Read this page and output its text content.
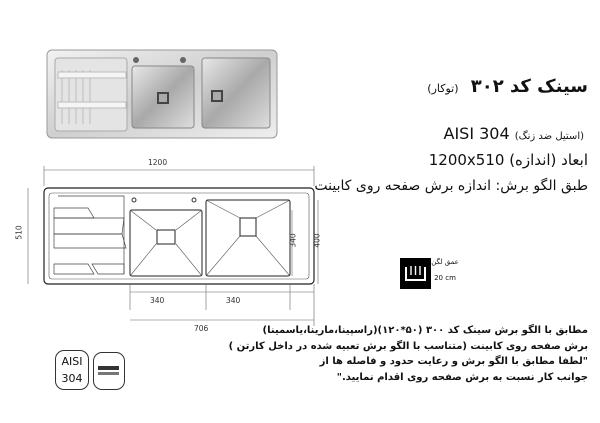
1200
510
340 400
340	340
706
سینک کد ۳۰۲ (توکار)
(استیل ضد زنگ) AISI 304
ابعاد (اندازه) 1200x510
طبق الگو برش: اندازه برش صفحه روی کابینت
عمق لگن
20 cm

مطابق با الگو برش سینک کد ۳۰۰ (۵۰*۱۲۰)(راسپینا،مارینا،یاسمینا)

برش صفحه روی کابینت (متناسب با الگو برش تعبیه شده در داخل کارتن )

"لطفا مطابق با الگو برش و رعایت حدود و فاصله ها از

جوانب کار نسبت به برش صفحه روی اقدام نمایید."

AISI
304
